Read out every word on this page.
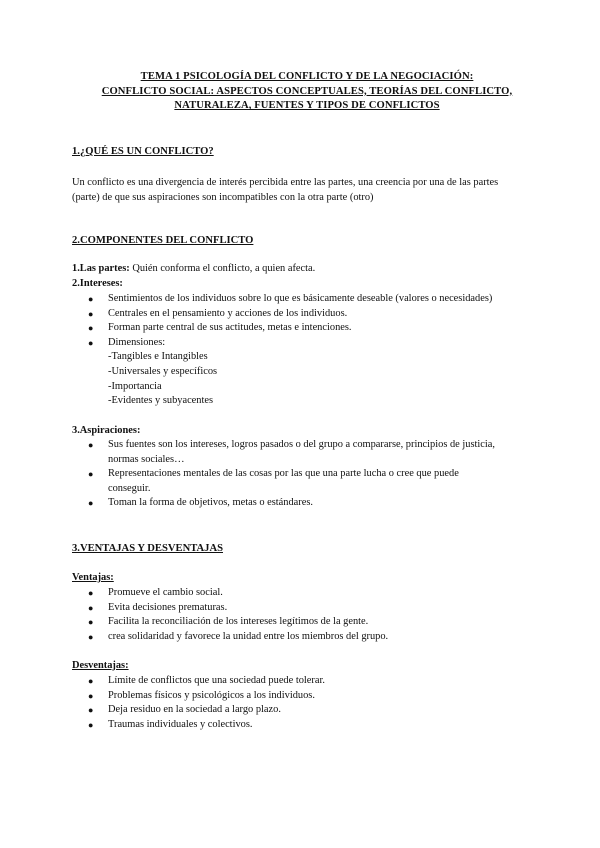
TEMA 1 PSICOLOGÍA DEL CONFLICTO Y DE LA NEGOCIACIÓN:
CONFLICTO SOCIAL: ASPECTOS CONCEPTUALES, TEORÍAS DEL CONFLICTO,
NATURALEZA, FUENTES Y TIPOS DE CONFLICTOS
1.¿QUÉ ES UN CONFLICTO?
Un conflicto es una divergencia de interés percibida entre las partes, una creencia por una de las partes
(parte) de que sus aspiraciones son incompatibles con la otra parte (otro)
2.COMPONENTES DEL CONFLICTO
1.Las partes: Quién conforma el conflicto, a quien afecta.
2.Intereses:
● Sentimientos de los individuos sobre lo que es básicamente deseable (valores o necesidades)
● Centrales en el pensamiento y acciones de los individuos.
● Forman parte central de sus actitudes, metas e intenciones.
● Dimensiones:
-Tangibles e Intangibles
-Universales y específicos
-Importancia
-Evidentes y subyacentes
3.Aspiraciones:
● Sus fuentes son los intereses, logros pasados o del grupo a compararse, principios de justicia,
normas sociales…
● Representaciones mentales de las cosas por las que una parte lucha o cree que puede
conseguir.
● Toman la forma de objetivos, metas o estándares.
3.VENTAJAS Y DESVENTAJAS
Ventajas:
● Promueve el cambio social.
● Evita decisiones prematuras.
● Facilita la reconciliación de los intereses legítimos de la gente.
● crea solidaridad y favorece la unidad entre los miembros del grupo.
Desventajas:
● Límite de conflictos que una sociedad puede tolerar.
● Problemas físicos y psicológicos a los individuos.
● Deja residuo en la sociedad a largo plazo.
● Traumas individuales y colectivos.
